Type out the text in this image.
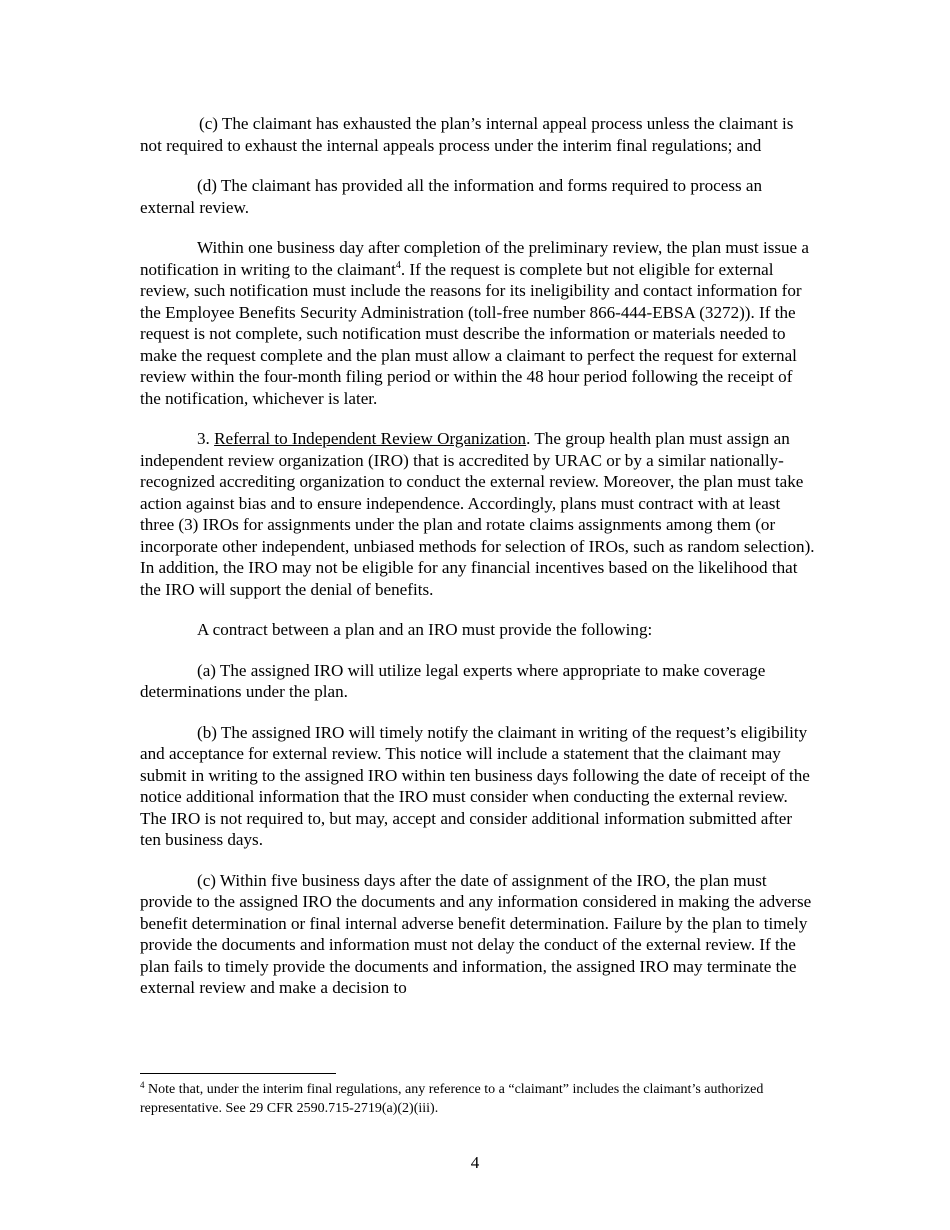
(c) The claimant has exhausted the plan’s internal appeal process unless the claimant is not required to exhaust the internal appeals process under the interim final regulations; and

(d) The claimant has provided all the information and forms required to process an external review.

Within one business day after completion of the preliminary review, the plan must issue a notification in writing to the claimant$^4$. If the request is complete but not eligible for external review, such notification must include the reasons for its ineligibility and contact information for the Employee Benefits Security Administration (toll-free number 866-444-EBSA (3272)). If the request is not complete, such notification must describe the information or materials needed to make the request complete and the plan must allow a claimant to perfect the request for external review within the four-month filing period or within the 48 hour period following the receipt of the notification, whichever is later.

3. Referral to Independent Review Organization. The group health plan must assign an independent review organization (IRO) that is accredited by URAC or by a similar nationally-recognized accrediting organization to conduct the external review. Moreover, the plan must take action against bias and to ensure independence. Accordingly, plans must contract with at least three (3) IROs for assignments under the plan and rotate claims assignments among them (or incorporate other independent, unbiased methods for selection of IROs, such as random selection). In addition, the IRO may not be eligible for any financial incentives based on the likelihood that the IRO will support the denial of benefits.

A contract between a plan and an IRO must provide the following:

(a) The assigned IRO will utilize legal experts where appropriate to make coverage determinations under the plan.

(b) The assigned IRO will timely notify the claimant in writing of the request’s eligibility and acceptance for external review. This notice will include a statement that the claimant may submit in writing to the assigned IRO within ten business days following the date of receipt of the notice additional information that the IRO must consider when conducting the external review. The IRO is not required to, but may, accept and consider additional information submitted after ten business days.

(c) Within five business days after the date of assignment of the IRO, the plan must provide to the assigned IRO the documents and any information considered in making the adverse benefit determination or final internal adverse benefit determination. Failure by the plan to timely provide the documents and information must not delay the conduct of the external review. If the plan fails to timely provide the documents and information, the assigned IRO may terminate the external review and make a decision to

$^4$ Note that, under the interim final regulations, any reference to a “claimant” includes the claimant’s authorized representative. See 29 CFR 2590.715-2719(a)(2)(iii).
4
